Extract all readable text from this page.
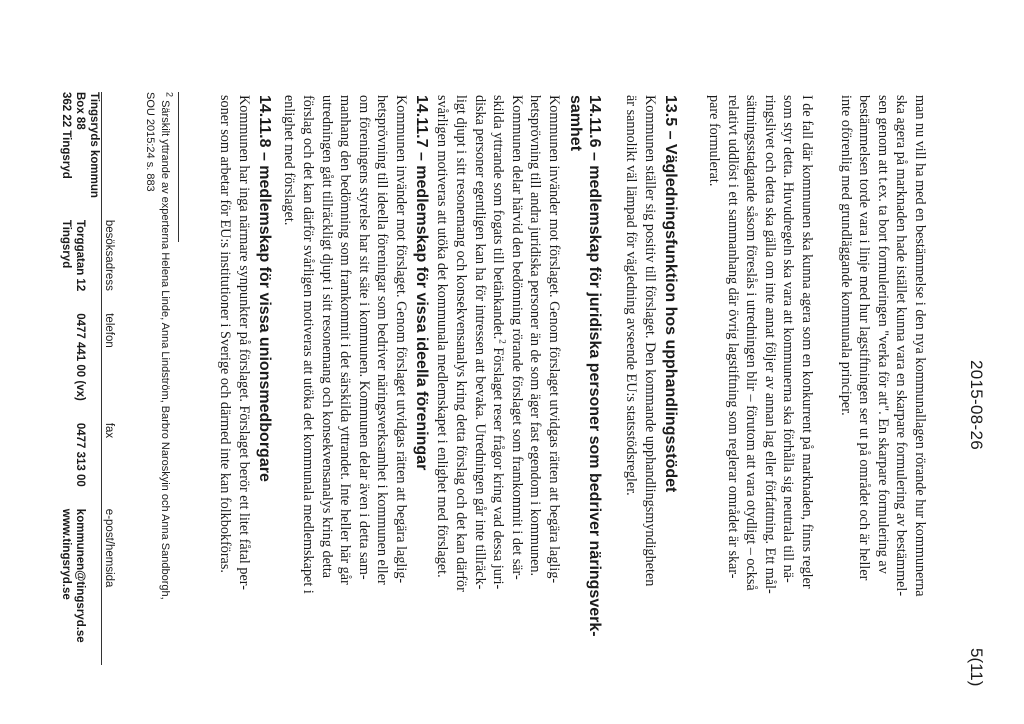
2015-08-26
5(11)

man nu vill ha med en bestämmelse i den nya kommunallagen rörande hur kommunerna

ska agera på marknaden hade istället kunna vara en skarpare formulering av bestämmel-

sen genom att t.ex. ta bort formuleringen "verka för att". En skarpare formulering av

bestämmelsen torde vara i linje med hur lagstiftningen ser ut på området och är heller

inte oförenlig med grundläggande kommunala principer.

I de fall där kommunen ska kunna agera som en konkurrent på marknaden, finns regler

som styr detta. Huvudregeln ska vara att kommunerna ska förhålla sig neutrala till nä-

ringslivet och detta ska gälla om inte annat följer av annan lag eller författning. Ett mål-

sättningsstadgande såsom föreslås i utredningen blir – förutom att vara otydligt – också

relativt uddlöst i ett sammanhang där övrig lagstiftning som reglerar området är skar-

pare formulerat.

13.5 – Vägledningsfunktion hos upphandlingsstödet

Kommunen ställer sig positiv till förslaget. Den kommande upphandlingsmyndigheten

är sannolikt väl lämpad för vägledning avseende EU:s statsstödsregler.

14.11.6 – medlemskap för juridiska personer som bedriver näringsverk-
samhet

Kommunen invänder mot förslaget. Genom förslaget utvidgas rätten att begära laglig-

hetsprövning till andra juridiska personer än de som äger fast egendom i kommunen.

Kommunen delar härvid den bedömning rörande förslaget som framkommit i det sär-

skilda yttrande som fogats till betänkandet.$^2$ Förslaget reser frågor kring vad dessa juri-

diska personer egentligen kan ha för intressen att bevaka. Utredningen går inte tillräck-

ligt djupt i sitt resonemang och konsekvensanalys kring detta förslag och det kan därför

svårligen motiveras att utöka det kommunala medlemskapet i enlighet med förslaget.

14.11.7 – medlemskap för vissa ideella föreningar

Kommunen invänder mot förslaget. Genom förslaget utvidgas rätten att begära laglig-

hetsprövning till ideella föreningar som bedriver näringsverksamhet i kommunen eller

om föreningens styrelse har sitt säte i kommunen. Kommunen delar även i detta sam-

manhang den bedömning som framkommit i det särskilda yttrandet. Inte heller här går

utredningen gått tillräckligt djupt i sitt resonemang och konsekvensanalys kring detta

förslag och det kan därför svårligen motiveras att utöka det kommunala medlemskapet i

enlighet med förslaget.

14.11.8 – medlemskap för vissa unionsmedborgare

Kommunen har inga närmare synpunkter på förslaget. Förslaget berör ett litet fåtal per-

soner som arbetar för EU:s institutioner i Sverige och därmed inte kan folkbokföras.

$^2$ Särskilt yttrande av experterna Helena Linde, Anna Lindström, Barbro Naroskyin och Anna Sandborgh,

SOU 2015:24 s. 883

	besöksadress	telefon	fax	e-post/hemsida
Tingsryds kommun				
Box 88	Torggatan 12	0477 441 00 (vx)	0477 313 00	kommunen@tingsryd.se
362 22 Tingsryd	Tingsryd			www.tingsryd.se
